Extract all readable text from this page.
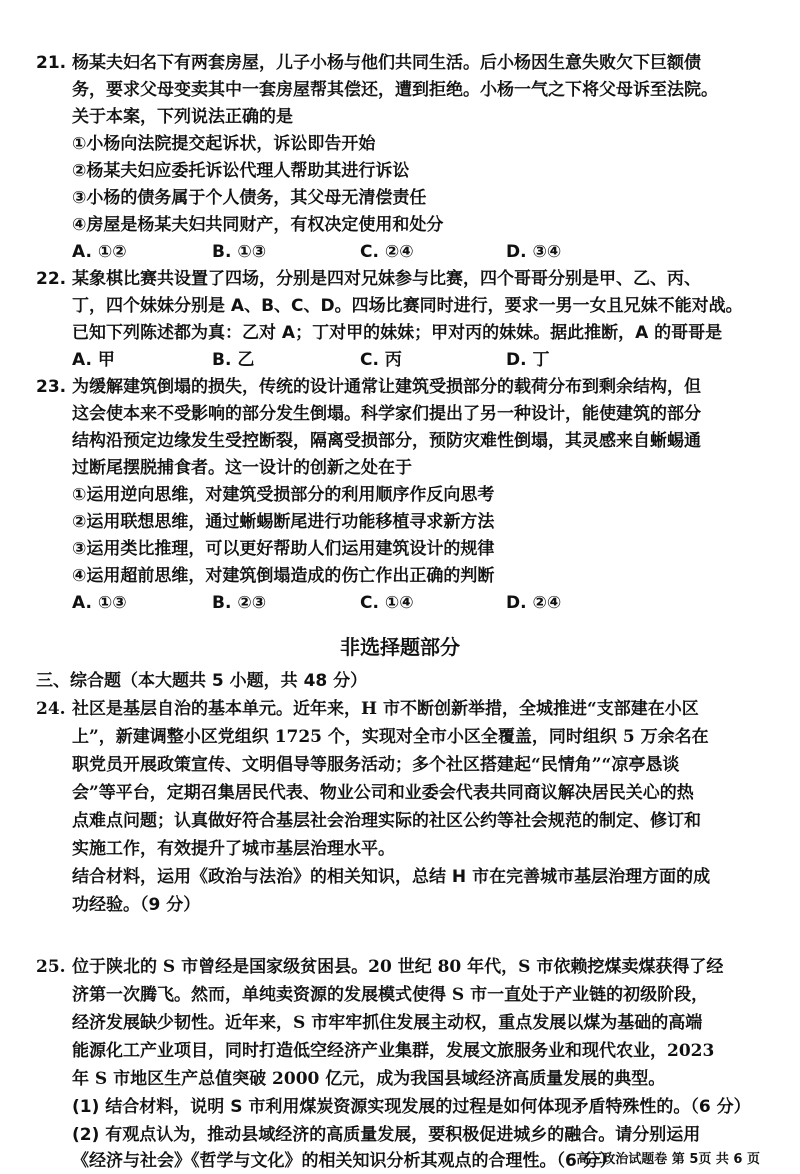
21. 杨某夫妇名下有两套房屋，儿子小杨与他们共同生活。后小杨因生意失败欠下巨额债
务，要求父母变卖其中一套房屋帮其偿还，遭到拒绝。小杨一气之下将父母诉至法院。
关于本案，下列说法正确的是
①小杨向法院提交起诉状，诉讼即告开始
②杨某夫妇应委托诉讼代理人帮助其进行诉讼
③小杨的债务属于个人债务，其父母无清偿责任
④房屋是杨某夫妇共同财产，有权决定使用和处分
A. ①②	B. ①③	C. ②④	D. ③④
22. 某象棋比赛共设置了四场，分别是四对兄妹参与比赛，四个哥哥分别是甲、乙、丙、
丁，四个妹妹分别是 A、B、C、D。四场比赛同时进行，要求一男一女且兄妹不能对战。
已知下列陈述都为真：乙对 A；丁对甲的妹妹；甲对丙的妹妹。据此推断，A 的哥哥是
A. 甲	B. 乙	C. 丙	D. 丁
23. 为缓解建筑倒塌的损失，传统的设计通常让建筑受损部分的载荷分布到剩余结构，但
这会使本来不受影响的部分发生倒塌。科学家们提出了另一种设计，能使建筑的部分
结构沿预定边缘发生受控断裂，隔离受损部分，预防灾难性倒塌，其灵感来自蜥蜴通
过断尾摆脱捕食者。这一设计的创新之处在于
①运用逆向思维，对建筑受损部分的利用顺序作反向思考
②运用联想思维，通过蜥蜴断尾进行功能移植寻求新方法
③运用类比推理，可以更好帮助人们运用建筑设计的规律
④运用超前思维，对建筑倒塌造成的伤亡作出正确的判断
A. ①③	B. ②③	C. ①④	D. ②④
非选择题部分
三、综合题（本大题共 5 小题，共 48 分）
24. 社区是基层自治的基本单元。近年来，H 市不断创新举措，全城推进“支部建在小区
上”，新建调整小区党组织 1725 个，实现对全市小区全覆盖，同时组织 5 万余名在
职党员开展政策宣传、文明倡导等服务活动；多个社区搭建起“民情角”“凉亭恳谈
会”等平台，定期召集居民代表、物业公司和业委会代表共同商议解决居民关心的热
点难点问题；认真做好符合基层社会治理实际的社区公约等社会规范的制定、修订和
实施工作，有效提升了城市基层治理水平。
结合材料，运用《政治与法治》的相关知识，总结 H 市在完善城市基层治理方面的成
功经验。（9 分）
25. 位于陕北的 S 市曾经是国家级贫困县。20 世纪 80 年代，S 市依赖挖煤卖煤获得了经
济第一次腾飞。然而，单纯卖资源的发展模式使得 S 市一直处于产业链的初级阶段，
经济发展缺少韧性。近年来，S 市牢牢抓住发展主动权，重点发展以煤为基础的高端
能源化工产业项目，同时打造低空经济产业集群，发展文旅服务业和现代农业，2023
年 S 市地区生产总值突破 2000 亿元，成为我国县域经济高质量发展的典型。
(1) 结合材料，说明 S 市利用煤炭资源实现发展的过程是如何体现矛盾特殊性的。（6 分）
(2) 有观点认为，推动县域经济的高质量发展，要积极促进城乡的融合。请分别运用
《经济与社会》《哲学与文化》的相关知识分析其观点的合理性。（6 分）
高三政治试题卷 第 5页 共 6 页
